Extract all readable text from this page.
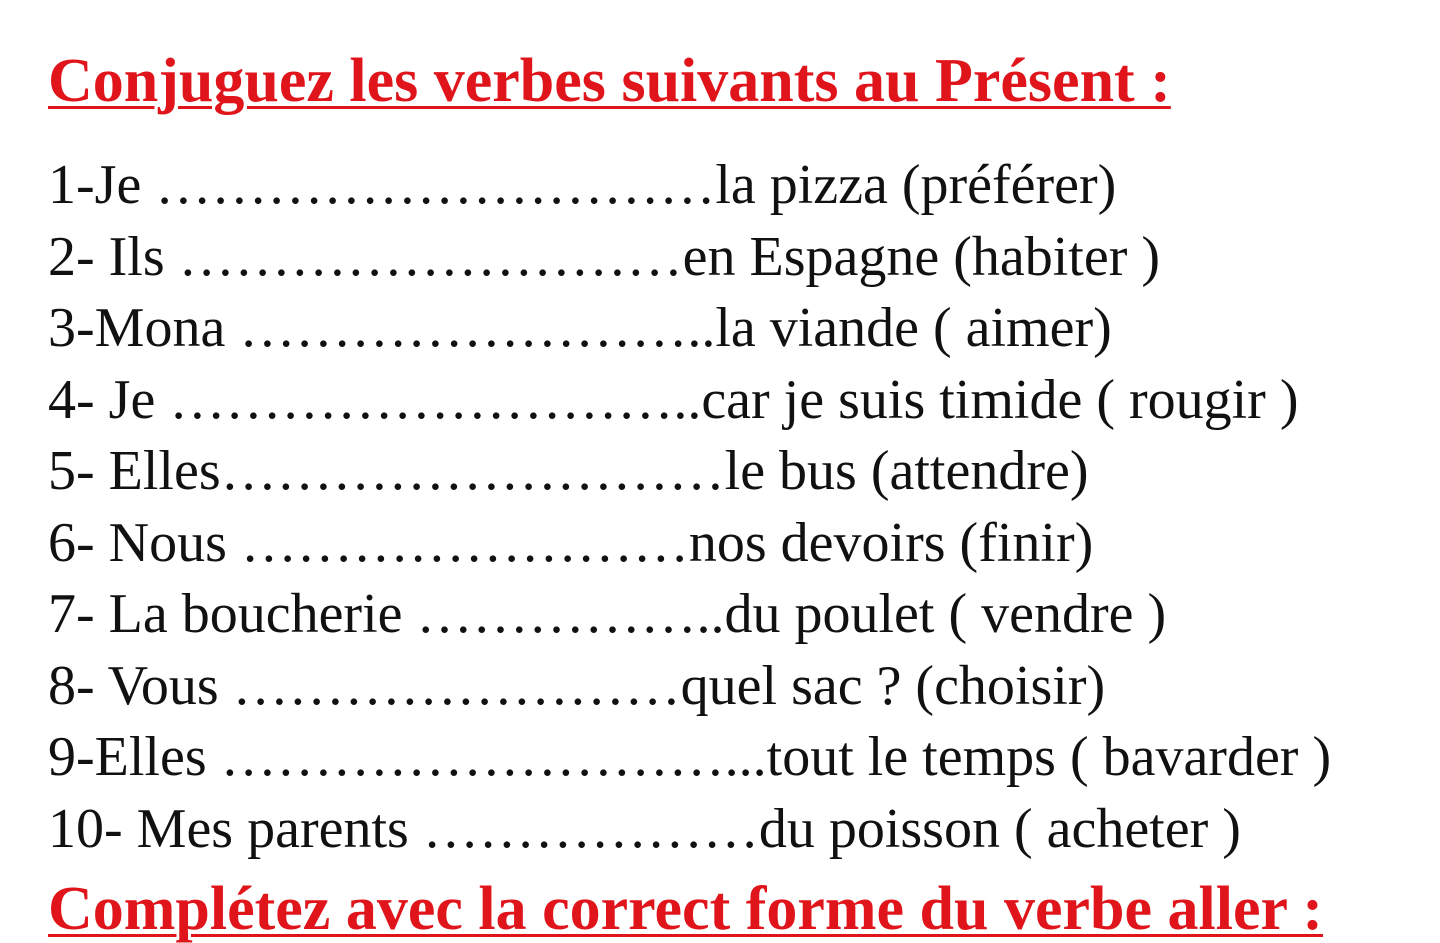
Conjuguez les verbes suivants au Présent :
1-Je …………………………la pizza (préférer)
2- Ils ………………………en Espagne (habiter )
3-Mona ……………………..la viande ( aimer)
4- Je ………………………..car je suis timide ( rougir )
5- Elles………………………le bus (attendre)
6- Nous ……………………nos devoirs (finir)
7- La boucherie ……………..du poulet ( vendre )
8- Vous ……………………quel sac ? (choisir)
9-Elles ………………………...tout le temps ( bavarder )
10- Mes parents ………………du poisson ( acheter )
Complétez avec la correct forme du verbe aller :
